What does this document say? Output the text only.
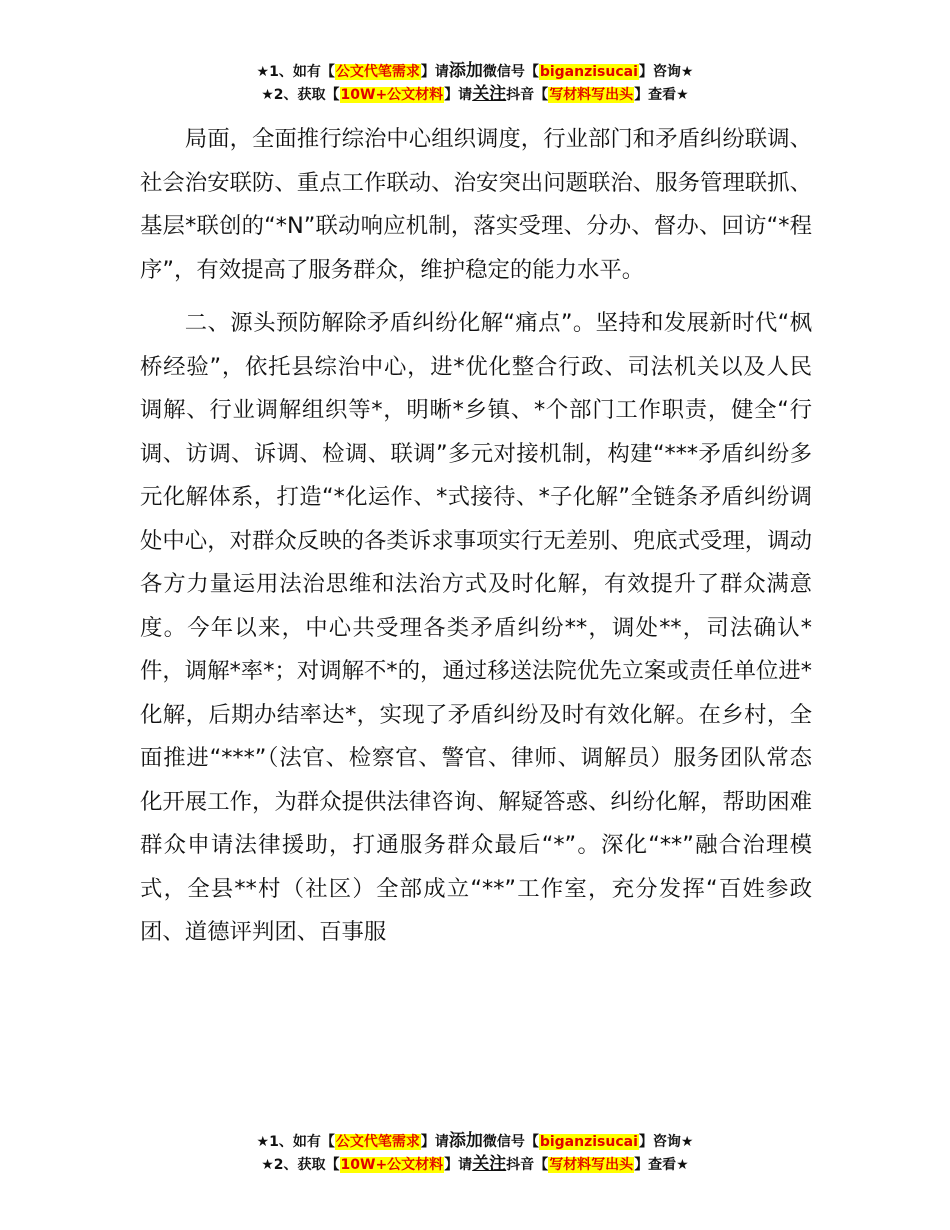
★1、如有【公文代笔需求】请添加微信号【biganzisucai】咨询★
★2、获取【10W+公文材料】请关注抖音【写材料写出头】查看★

局面，全面推行综治中心组织调度，行业部门和矛盾纠纷联调、社会治安联防、重点工作联动、治安突出问题联治、服务管理联抓、基层*联创的“*N”联动响应机制，落实受理、分办、督办、回访“*程序”，有效提高了服务群众，维护稳定的能力水平。

二、源头预防解除矛盾纠纷化解“痛点”。坚持和发展新时代“枫桥经验”，依托县综治中心，进*优化整合行政、司法机关以及人民调解、行业调解组织等*，明晰*乡镇、*个部门工作职责，健全“行调、访调、诉调、检调、联调”多元对接机制，构建“***矛盾纠纷多元化解体系，打造“*化运作、*式接待、*子化解”全链条矛盾纠纷调处中心，对群众反映的各类诉求事项实行无差别、兜底式受理，调动各方力量运用法治思维和法治方式及时化解，有效提升了群众满意度。今年以来，中心共受理各类矛盾纠纷**，调处**，司法确认*件，调解*率*；对调解不*的，通过移送法院优先立案或责任单位进*化解，后期办结率达*，实现了矛盾纠纷及时有效化解。在乡村，全面推进“***”（法官、检察官、警官、律师、调解员）服务团队常态化开展工作，为群众提供法律咨询、解疑答惑、纠纷化解，帮助困难群众申请法律援助，打通服务群众最后“*”。深化“**”融合治理模式，全县**村（社区）全部成立“**”工作室，充分发挥“百姓参政团、道德评判团、百事服

★1、如有【公文代笔需求】请添加微信号【biganzisucai】咨询★
★2、获取【10W+公文材料】请关注抖音【写材料写出头】查看★
